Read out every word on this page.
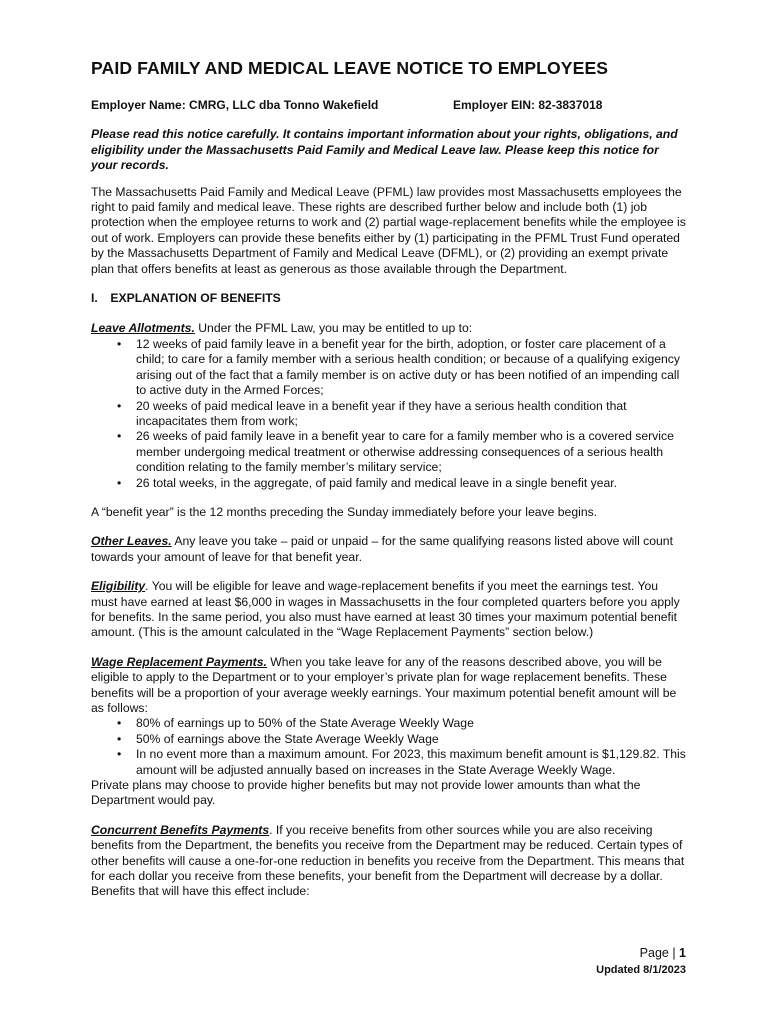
PAID FAMILY AND MEDICAL LEAVE NOTICE TO EMPLOYEES
Employer Name: CMRG, LLC dba Tonno Wakefield	Employer EIN: 82-3837018

Please read this notice carefully. It contains important information about your rights, obligations, and eligibility under the Massachusetts Paid Family and Medical Leave law. Please keep this notice for your records.

The Massachusetts Paid Family and Medical Leave (PFML) law provides most Massachusetts employees the right to paid family and medical leave. These rights are described further below and include both (1) job protection when the employee returns to work and (2) partial wage-replacement benefits while the employee is out of work. Employers can provide these benefits either by (1) participating in the PFML Trust Fund operated by the Massachusetts Department of Family and Medical Leave (DFML), or (2) providing an exempt private plan that offers benefits at least as generous as those available through the Department.

I. EXPLANATION OF BENEFITS
Leave Allotments. Under the PFML Law, you may be entitled to up to:
• 12 weeks of paid family leave in a benefit year for the birth, adoption, or foster care placement of a child; to care for a family member with a serious health condition; or because of a qualifying exigency arising out of the fact that a family member is on active duty or has been notified of an impending call to active duty in the Armed Forces;
• 20 weeks of paid medical leave in a benefit year if they have a serious health condition that incapacitates them from work;
• 26 weeks of paid family leave in a benefit year to care for a family member who is a covered service member undergoing medical treatment or otherwise addressing consequences of a serious health condition relating to the family member’s military service;
• 26 total weeks, in the aggregate, of paid family and medical leave in a single benefit year.

A “benefit year” is the 12 months preceding the Sunday immediately before your leave begins.

Other Leaves. Any leave you take – paid or unpaid – for the same qualifying reasons listed above will count towards your amount of leave for that benefit year.

Eligibility. You will be eligible for leave and wage-replacement benefits if you meet the earnings test. You must have earned at least $6,000 in wages in Massachusetts in the four completed quarters before you apply for benefits. In the same period, you also must have earned at least 30 times your maximum potential benefit amount. (This is the amount calculated in the “Wage Replacement Payments” section below.)

Wage Replacement Payments. When you take leave for any of the reasons described above, you will be eligible to apply to the Department or to your employer’s private plan for wage replacement benefits. These benefits will be a proportion of your average weekly earnings. Your maximum potential benefit amount will be as follows:
• 80% of earnings up to 50% of the State Average Weekly Wage
• 50% of earnings above the State Average Weekly Wage
• In no event more than a maximum amount. For 2023, this maximum benefit amount is $1,129.82. This amount will be adjusted annually based on increases in the State Average Weekly Wage.

Private plans may choose to provide higher benefits but may not provide lower amounts than what the Department would pay.

Concurrent Benefits Payments. If you receive benefits from other sources while you are also receiving benefits from the Department, the benefits you receive from the Department may be reduced. Certain types of other benefits will cause a one-for-one reduction in benefits you receive from the Department. This means that for each dollar you receive from these benefits, your benefit from the Department will decrease by a dollar. Benefits that will have this effect include:

Page | 1
Updated 8/1/2023
